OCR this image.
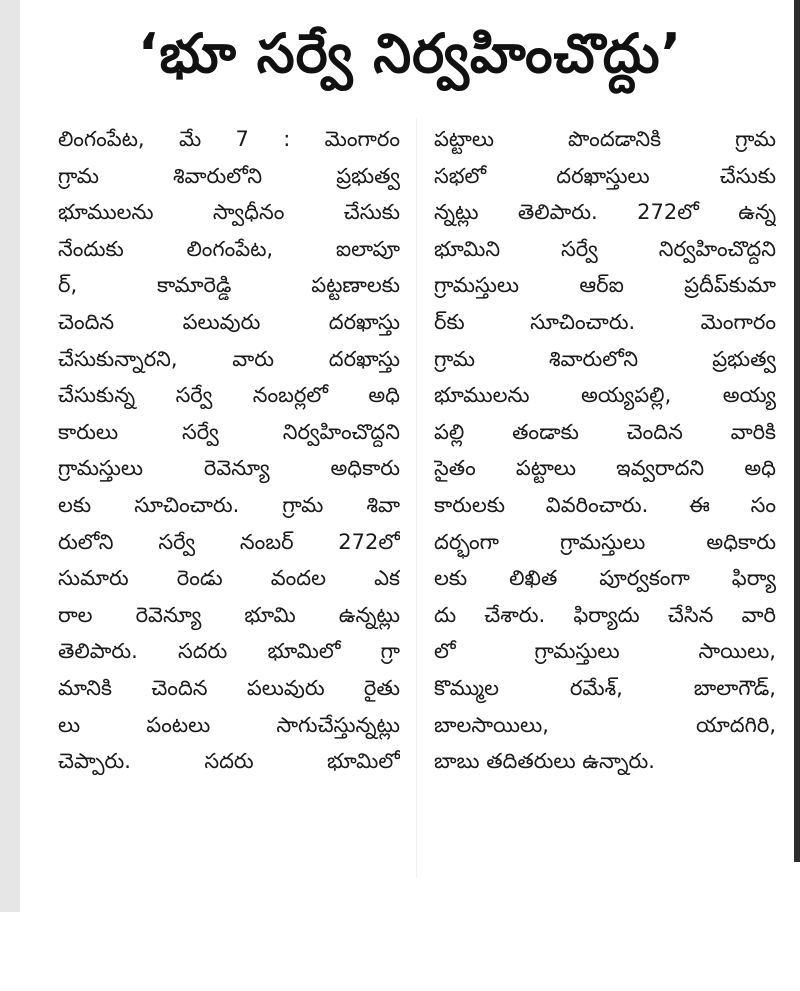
‘భూ సర్వే నిర్వహించొద్దు’
లింగంపేట, మే 7 : మెంగారం
గ్రామ శివారులోని ప్రభుత్వ
భూములను స్వాధీనం చేసుకు
నేందుకు లింగంపేట, ఐలాపూ
ర్, కామారెడ్డి పట్టణాలకు
చెందిన పలువురు దరఖాస్తు
చేసుకున్నారని, వారు దరఖాస్తు
చేసుకున్న సర్వే నంబర్లలో అధి
కారులు సర్వే నిర్వహించొద్దని
గ్రామస్తులు రెవెన్యూ అధికారు
లకు సూచించారు. గ్రామ శివా
రులోని సర్వే నంబర్ 272లో
సుమారు రెండు వందల ఎక
రాల రెవెన్యూ భూమి ఉన్నట్లు
తెలిపారు. సదరు భూమిలో గ్రా
మానికి చెందిన పలువురు రైతు
లు పంటలు సాగుచేస్తున్నట్లు
చెప్పారు. సదరు భూమిలో
పట్టాలు పొందడానికి గ్రామ
సభలో దరఖాస్తులు చేసుకు
న్నట్లు తెలిపారు. 272లో ఉన్న
భూమిని సర్వే నిర్వహించొద్దని
గ్రామస్తులు ఆర్ఐ ప్రదీప్‌కుమా
ర్‌కు సూచించారు. మెంగారం
గ్రామ శివారులోని ప్రభుత్వ
భూములను అయ్యపల్లి, అయ్య
పల్లి తండాకు చెందిన వారికి
సైతం పట్టాలు ఇవ్వరాదని అధి
కారులకు వివరించారు. ఈ సం
దర్భంగా గ్రామస్తులు అధికారు
లకు లిఖిత పూర్వకంగా ఫిర్యా
దు చేశారు. ఫిర్యాదు చేసిన వారి
లో గ్రామస్తులు సాయిలు,
కొమ్ముల రమేశ్, బాలాగౌడ్,
బాలసాయిలు, యాదగిరి,
బాబు తదితరులు ఉన్నారు.
